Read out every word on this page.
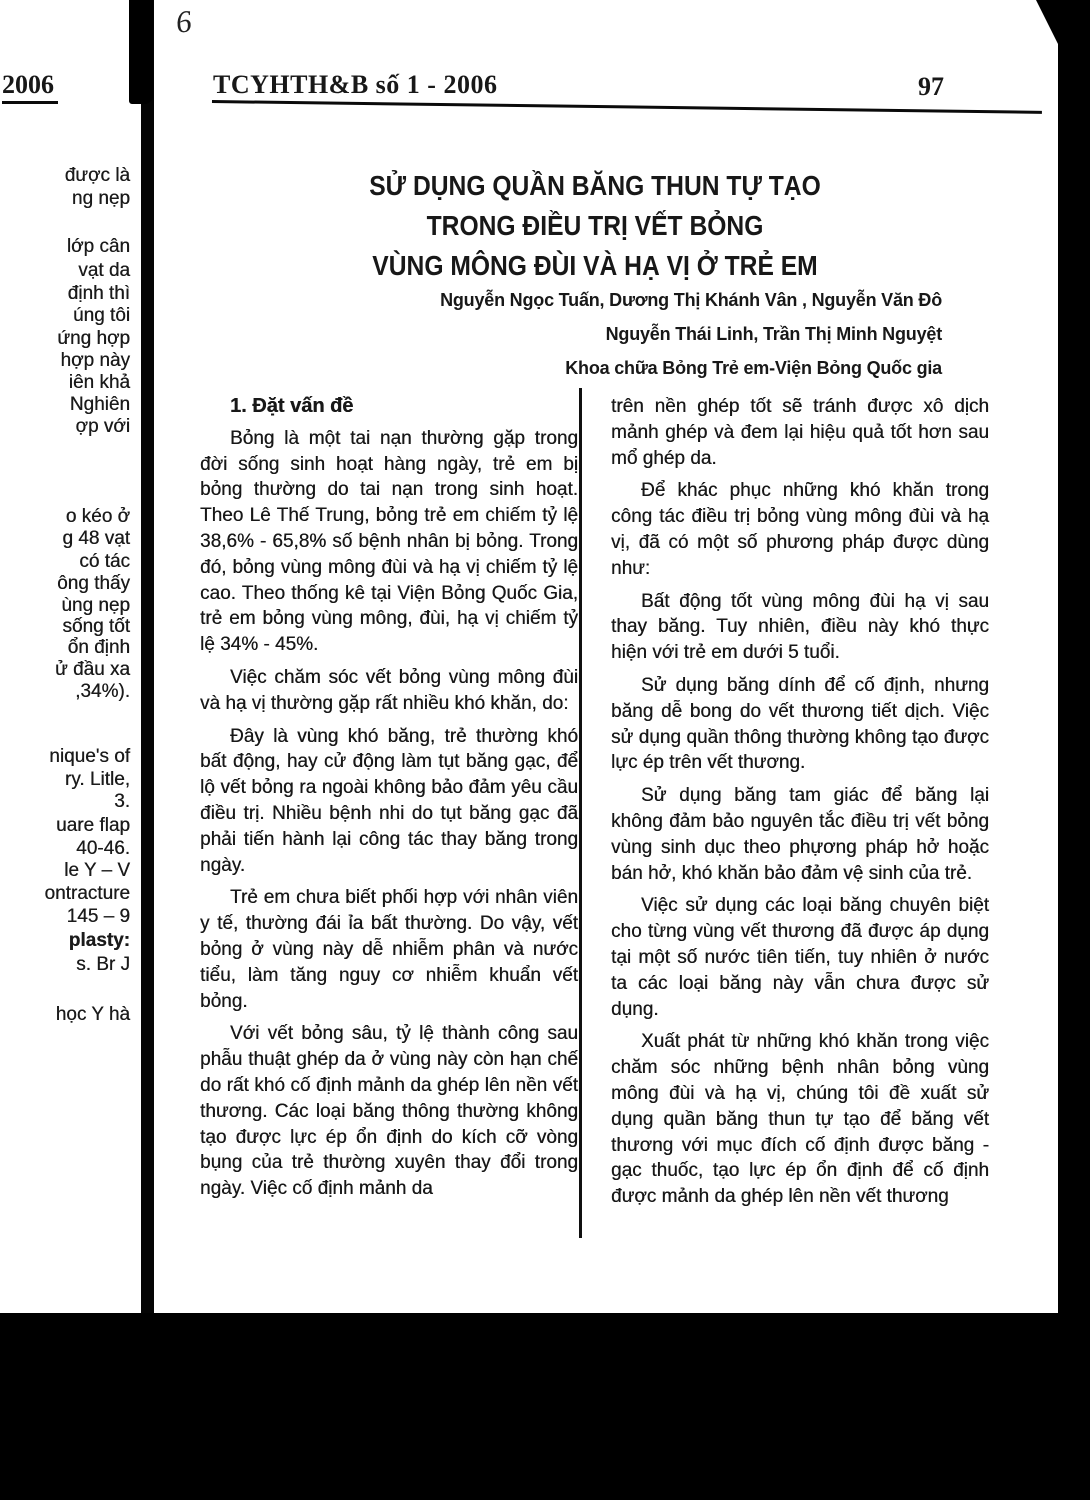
6
TCYHTH&B số 1 - 2006	97
SỬ DỤNG QUẦN BĂNG THUN TỰ TẠO
TRONG ĐIỀU TRỊ VẾT BỎNG
VÙNG MÔNG ĐÙI VÀ HẠ VỊ Ở TRẺ EM
Nguyễn Ngọc Tuấn, Dương Thị Khánh Vân , Nguyễn Văn Đô
Nguyễn Thái Linh, Trần Thị Minh Nguyệt
Khoa chữa Bỏng Trẻ em-Viện Bỏng Quốc gia
1. Đặt vấn đề

Bỏng là một tai nạn thường gặp trong đời sống sinh hoạt hàng ngày, trẻ em bị bỏng thường do tai nạn trong sinh hoạt. Theo Lê Thế Trung, bỏng trẻ em chiếm tỷ lệ 38,6% - 65,8% số bệnh nhân bị bỏng. Trong đó, bỏng vùng mông đùi và hạ vị chiếm tỷ lệ cao. Theo thống kê tại Viện Bỏng Quốc Gia, trẻ em bỏng vùng mông, đùi, hạ vị chiếm tỷ lệ 34% - 45%.

Việc chăm sóc vết bỏng vùng mông đùi và hạ vị thường gặp rất nhiều khó khăn, do:

Đây là vùng khó băng, trẻ thường khó bất động, hay cử động làm tụt băng gạc, để lộ vết bỏng ra ngoài không bảo đảm yêu cầu điều trị. Nhiều bệnh nhi do tụt băng gạc đã phải tiến hành lại công tác thay băng trong ngày.

Trẻ em chưa biết phối hợp với nhân viên y tế, thường đái ỉa bất thường. Do vậy, vết bỏng ở vùng này dễ nhiễm phân và nước tiểu, làm tăng nguy cơ nhiễm khuẩn vết bỏng.

Với vết bỏng sâu, tỷ lệ thành công sau phẫu thuật ghép da ở vùng này còn hạn chế do rất khó cố định mảnh da ghép lên nền vết thương. Các loại băng thông thường không tạo được lực ép ổn định do kích cỡ vòng bụng của trẻ thường xuyên thay đổi trong ngày. Việc cố định mảnh da

trên nền ghép tốt sẽ tránh được xô dịch mảnh ghép và đem lại hiệu quả tốt hơn sau mổ ghép da.

Để khác phục những khó khăn trong công tác điều trị bỏng vùng mông đùi và hạ vị, đã có một số phương pháp được dùng như:

Bất động tốt vùng mông đùi hạ vị sau thay băng. Tuy nhiên, điều này khó thực hiện với trẻ em dưới 5 tuổi.

Sử dụng băng dính để cố định, nhưng băng dễ bong do vết thương tiết dịch. Việc sử dụng quần thông thường không tạo được lực ép trên vết thương.

Sử dụng băng tam giác để băng lại không đảm bảo nguyên tắc điều trị vết bỏng vùng sinh dục theo phựơng pháp hở hoặc bán hở, khó khăn bảo đảm vệ sinh của trẻ.

Việc sử dụng các loại băng chuyên biệt cho từng vùng vết thương đã được áp dụng tại một số nước tiên tiến, tuy nhiên ở nước ta các loại băng này vẫn chưa được sử dụng.

Xuất phát từ những khó khăn trong việc chăm sóc những bệnh nhân bỏng vùng mông đùi và hạ vị, chúng tôi đề xuất sử dụng quần băng thun tự tạo để băng vết thương với mục đích cố định được băng - gạc thuốc, tạo lực ép ổn định để cố định được mảnh da ghép lên nền vết thương

2006
được là
ng nẹp
lớp cân
vạt da
định thì
úng tôi
ứng hợp
hợp này
iên khả
Nghiên
ợp với
o kéo ở
g 48 vạt
có tác
ông thấy
ùng nẹp
sống tốt
ổn định
ử đầu xa
,34%).
nique's of
ry. Litle,
3.
uare flap
40-46.
le Y – V
ontracture
145 – 9
plasty:
s. Br J
học Y hà
